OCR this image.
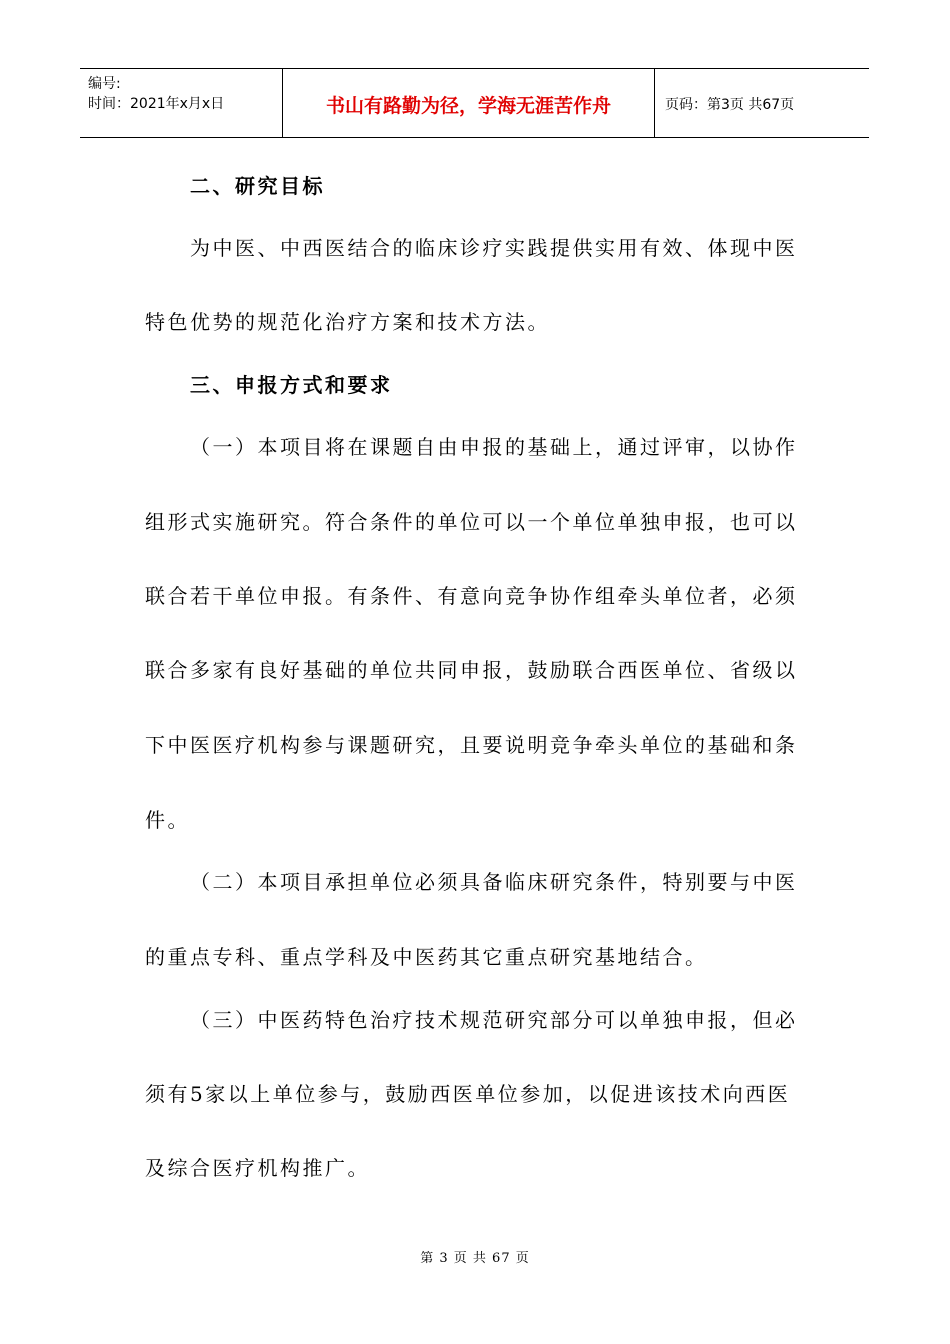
编号:
时间：2021年x月x日	书山有路勤为径，学海无涯苦作舟	页码：第3页 共67页
二、研究目标
为中医、中西医结合的临床诊疗实践提供实用有效、体现中医
特色优势的规范化治疗方案和技术方法。
三、申报方式和要求
（一）本项目将在课题自由申报的基础上，通过评审，以协作
组形式实施研究。符合条件的单位可以一个单位单独申报，也可以
联合若干单位申报。有条件、有意向竞争协作组牵头单位者，必须
联合多家有良好基础的单位共同申报，鼓励联合西医单位、省级以
下中医医疗机构参与课题研究，且要说明竞争牵头单位的基础和条
件。
（二）本项目承担单位必须具备临床研究条件，特别要与中医
的重点专科、重点学科及中医药其它重点研究基地结合。
（三）中医药特色治疗技术规范研究部分可以单独申报，但必
须有5家以上单位参与，鼓励西医单位参加，以促进该技术向西医
及综合医疗机构推广。
第 3 页 共 67 页
